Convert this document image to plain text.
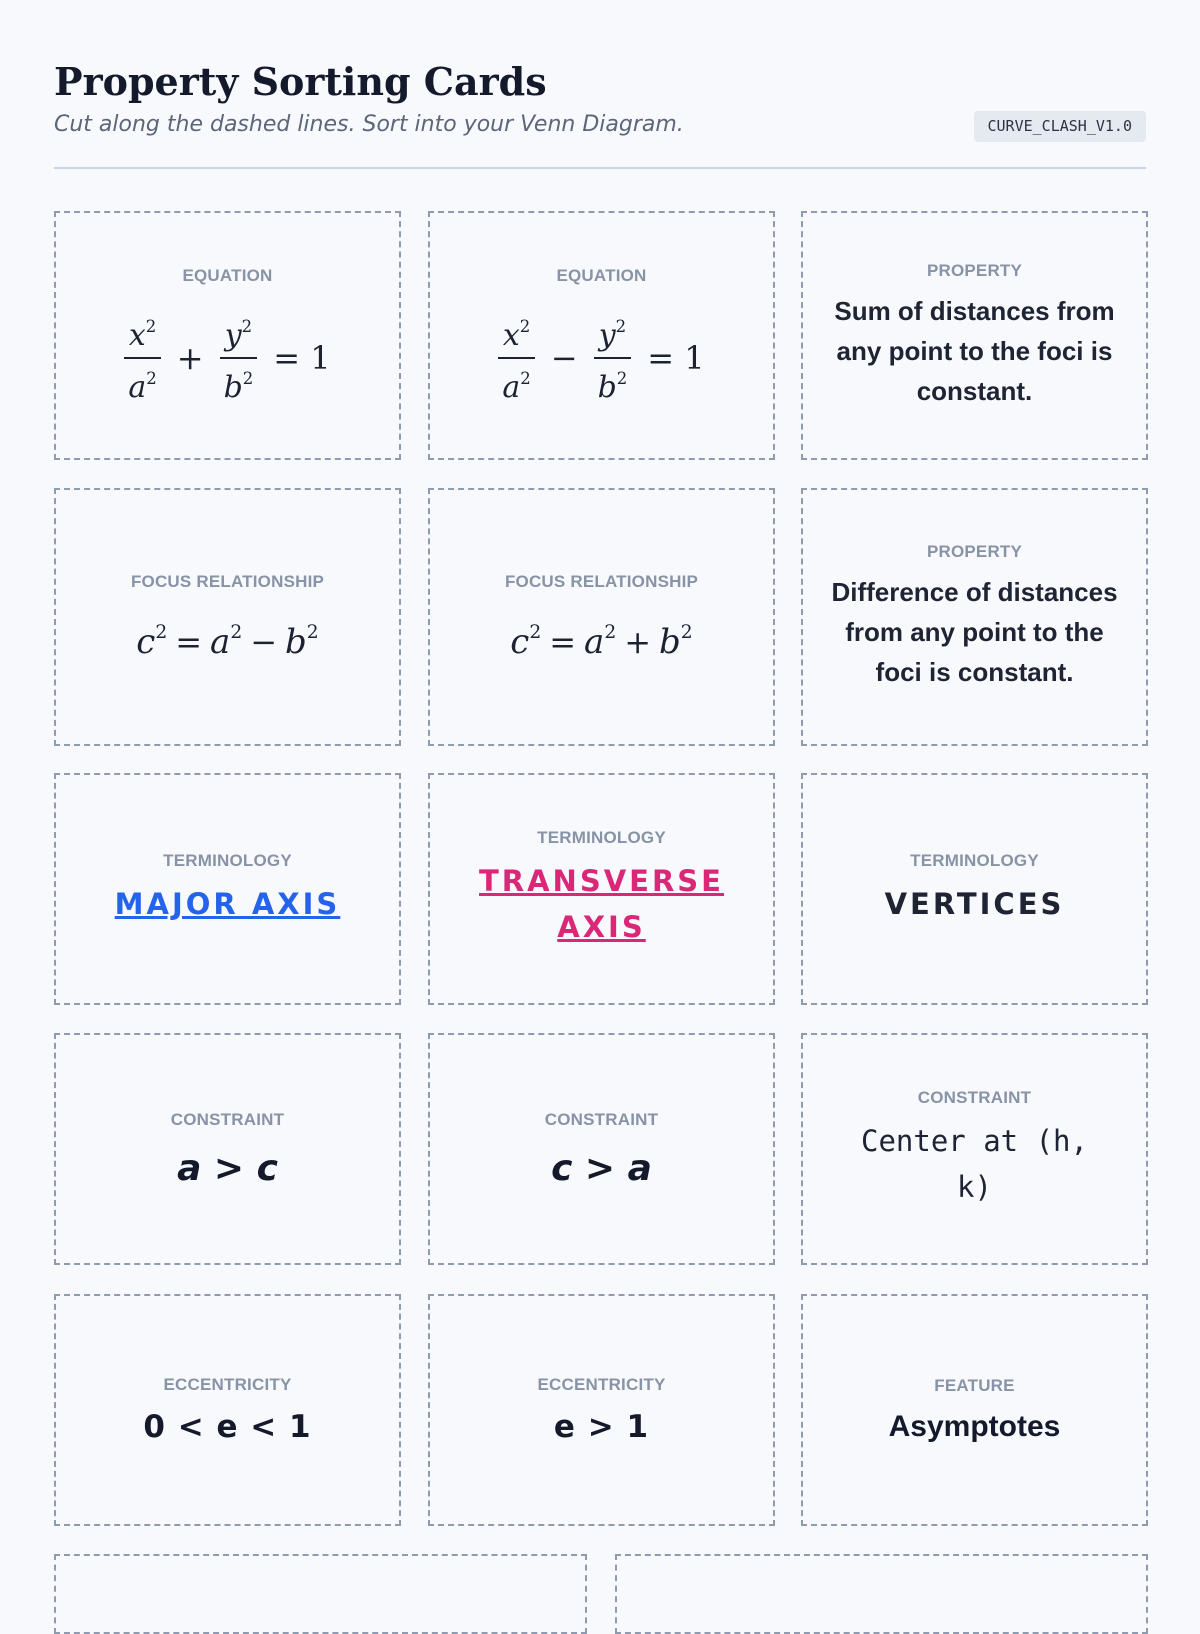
Property Sorting Cards
Cut along the dashed lines. Sort into your Venn Diagram.	CURVE_CLASH_V1.0
EQUATION
$\frac{x^2}{a^2} + \frac{y^2}{b^2} = 1$
EQUATION
$\frac{x^2}{a^2} - \frac{y^2}{b^2} = 1$
PROPERTY
Sum of distances from any point to the foci is constant.
FOCUS RELATIONSHIP
$c^2 = a^2 - b^2$
FOCUS RELATIONSHIP
$c^2 = a^2 + b^2$
PROPERTY
Difference of distances from any point to the foci is constant.
TERMINOLOGY
MAJOR AXIS
TERMINOLOGY
TRANSVERSE AXIS
TERMINOLOGY
VERTICES
CONSTRAINT
a > c
CONSTRAINT
c > a
CONSTRAINT
Center at (h, k)
ECCENTRICITY
0 < e < 1
ECCENTRICITY
e > 1
FEATURE
Asymptotes
